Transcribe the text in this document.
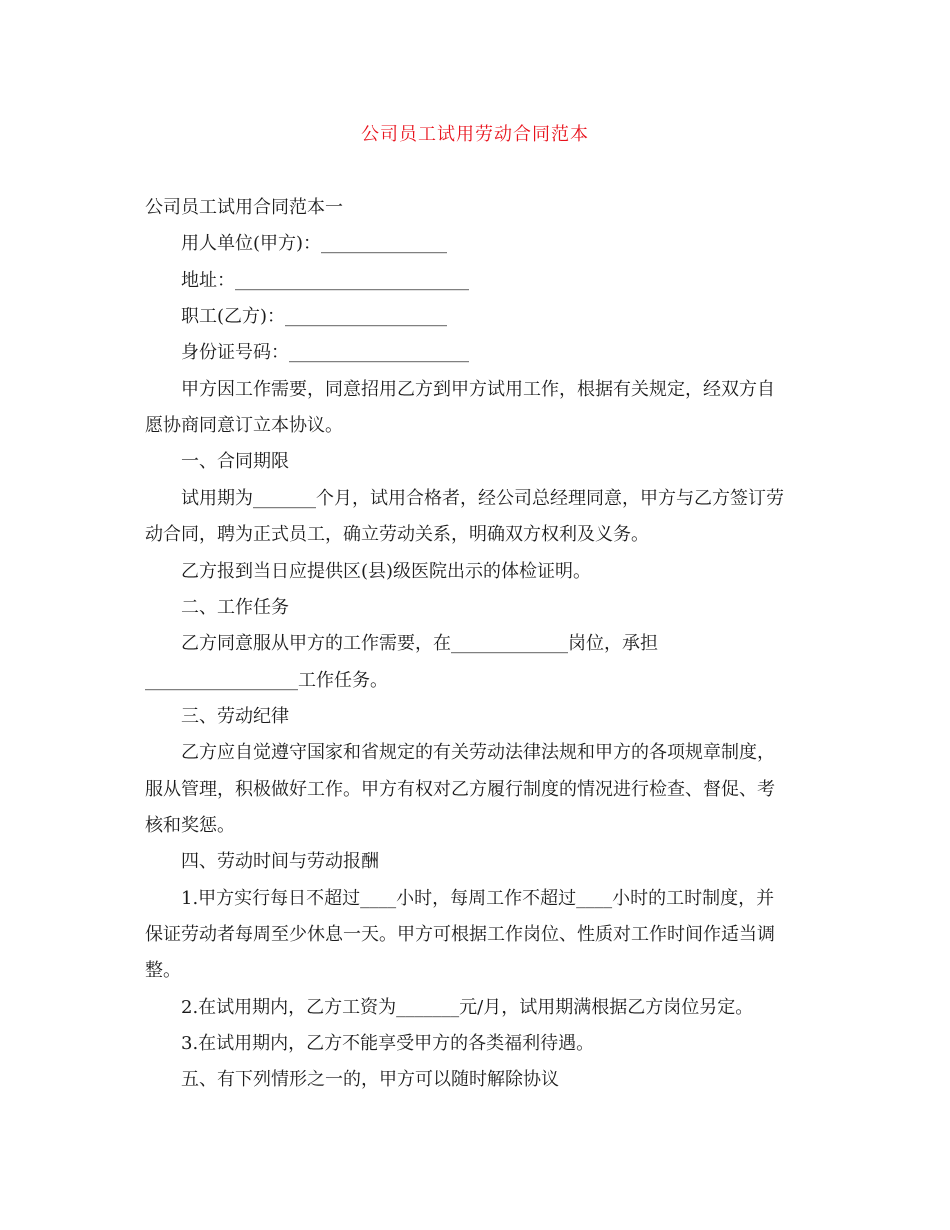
公司员工试用劳动合同范本
公司员工试用合同范本一
用人单位(甲方)：______________
地址：__________________________
职工(乙方)：__________________
身份证号码：____________________
甲方因工作需要，同意招用乙方到甲方试用工作，根据有关规定，经双方自
愿协商同意订立本协议。
一、合同期限
试用期为_______个月，试用合格者，经公司总经理同意，甲方与乙方签订劳
动合同，聘为正式员工，确立劳动关系，明确双方权利及义务。
乙方报到当日应提供区(县)级医院出示的体检证明。
二、工作任务
乙方同意服从甲方的工作需要，在_____________岗位，承担
_________________工作任务。
三、劳动纪律
乙方应自觉遵守国家和省规定的有关劳动法律法规和甲方的各项规章制度，
服从管理，积极做好工作。甲方有权对乙方履行制度的情况进行检查、督促、考
核和奖惩。
四、劳动时间与劳动报酬
1.甲方实行每日不超过____小时，每周工作不超过____小时的工时制度，并
保证劳动者每周至少休息一天。甲方可根据工作岗位、性质对工作时间作适当调
整。
2.在试用期内，乙方工资为_______元/月，试用期满根据乙方岗位另定。
3.在试用期内，乙方不能享受甲方的各类福利待遇。
五、有下列情形之一的，甲方可以随时解除协议
